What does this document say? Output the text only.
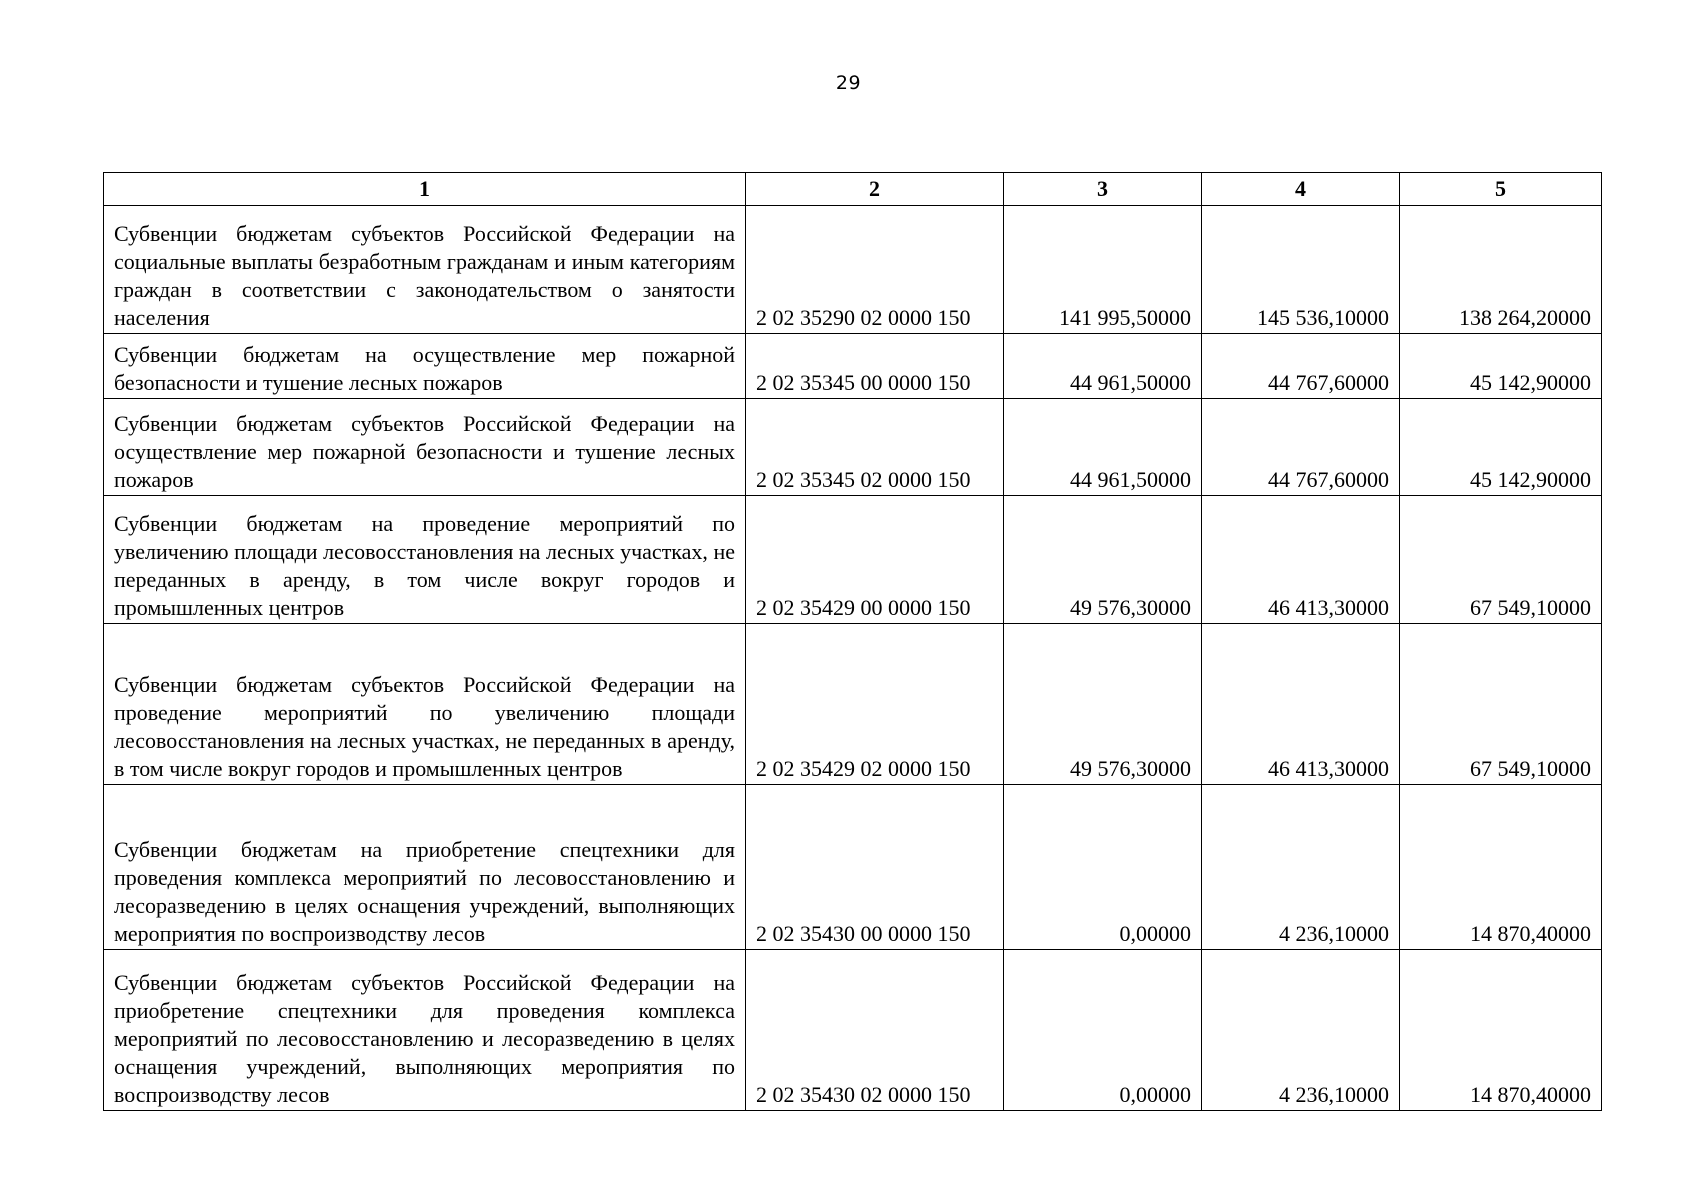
29
1	2	3	4	5
Субвенции бюджетам субъектов Российской Федерации на социальные выплаты безработным гражданам и иным категориям граждан в соответствии с законодательством о занятости населения	2 02 35290 02 0000 150	141 995,50000	145 536,10000	138 264,20000
Субвенции бюджетам на осуществление мер пожарной безопасности и тушение лесных пожаров	2 02 35345 00 0000 150	44 961,50000	44 767,60000	45 142,90000
Субвенции бюджетам субъектов Российской Федерации на осуществление мер пожарной безопасности и тушение лесных пожаров	2 02 35345 02 0000 150	44 961,50000	44 767,60000	45 142,90000
Субвенции бюджетам на проведение мероприятий по увеличению площади лесовосстановления на лесных участках, не переданных в аренду, в том числе вокруг городов и промышленных центров	2 02 35429 00 0000 150	49 576,30000	46 413,30000	67 549,10000
Субвенции бюджетам субъектов Российской Федерации на проведение мероприятий по увеличению площади лесовосстановления на лесных участках, не переданных в аренду, в том числе вокруг городов и промышленных центров	2 02 35429 02 0000 150	49 576,30000	46 413,30000	67 549,10000
Субвенции бюджетам на приобретение спецтехники для проведения комплекса мероприятий по лесовосстановлению и лесоразведению в целях оснащения учреждений, выполняющих мероприятия по воспроизводству лесов	2 02 35430 00 0000 150	0,00000	4 236,10000	14 870,40000
Субвенции бюджетам субъектов Российской Федерации на приобретение спецтехники для проведения комплекса мероприятий по лесовосстановлению и лесоразведению в целях оснащения учреждений, выполняющих мероприятия по воспроизводству лесов	2 02 35430 02 0000 150	0,00000	4 236,10000	14 870,40000
